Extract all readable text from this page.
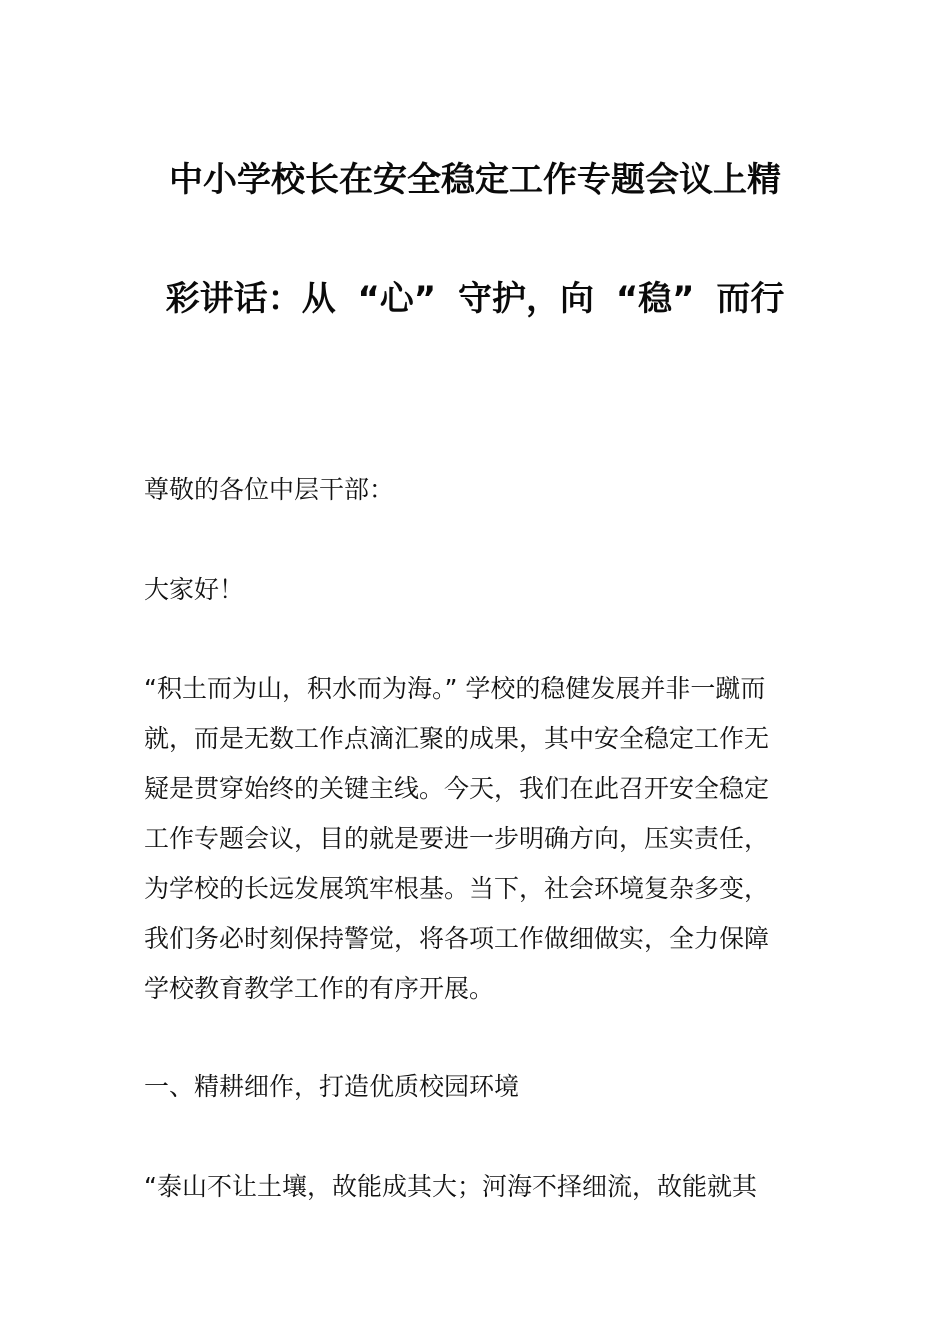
中小学校长在安全稳定工作专题会议上精
彩讲话：从 “心” 守护，向 “稳” 而行
尊敬的各位中层干部：
大家好！
“积土而为山，积水而为海。” 学校的稳健发展并非一蹴而
就，而是无数工作点滴汇聚的成果，其中安全稳定工作无
疑是贯穿始终的关键主线。今天，我们在此召开安全稳定
工作专题会议，目的就是要进一步明确方向，压实责任，
为学校的长远发展筑牢根基。当下，社会环境复杂多变，
我们务必时刻保持警觉，将各项工作做细做实，全力保障
学校教育教学工作的有序开展。
一、精耕细作，打造优质校园环境
“泰山不让土壤，故能成其大；河海不择细流，故能就其
